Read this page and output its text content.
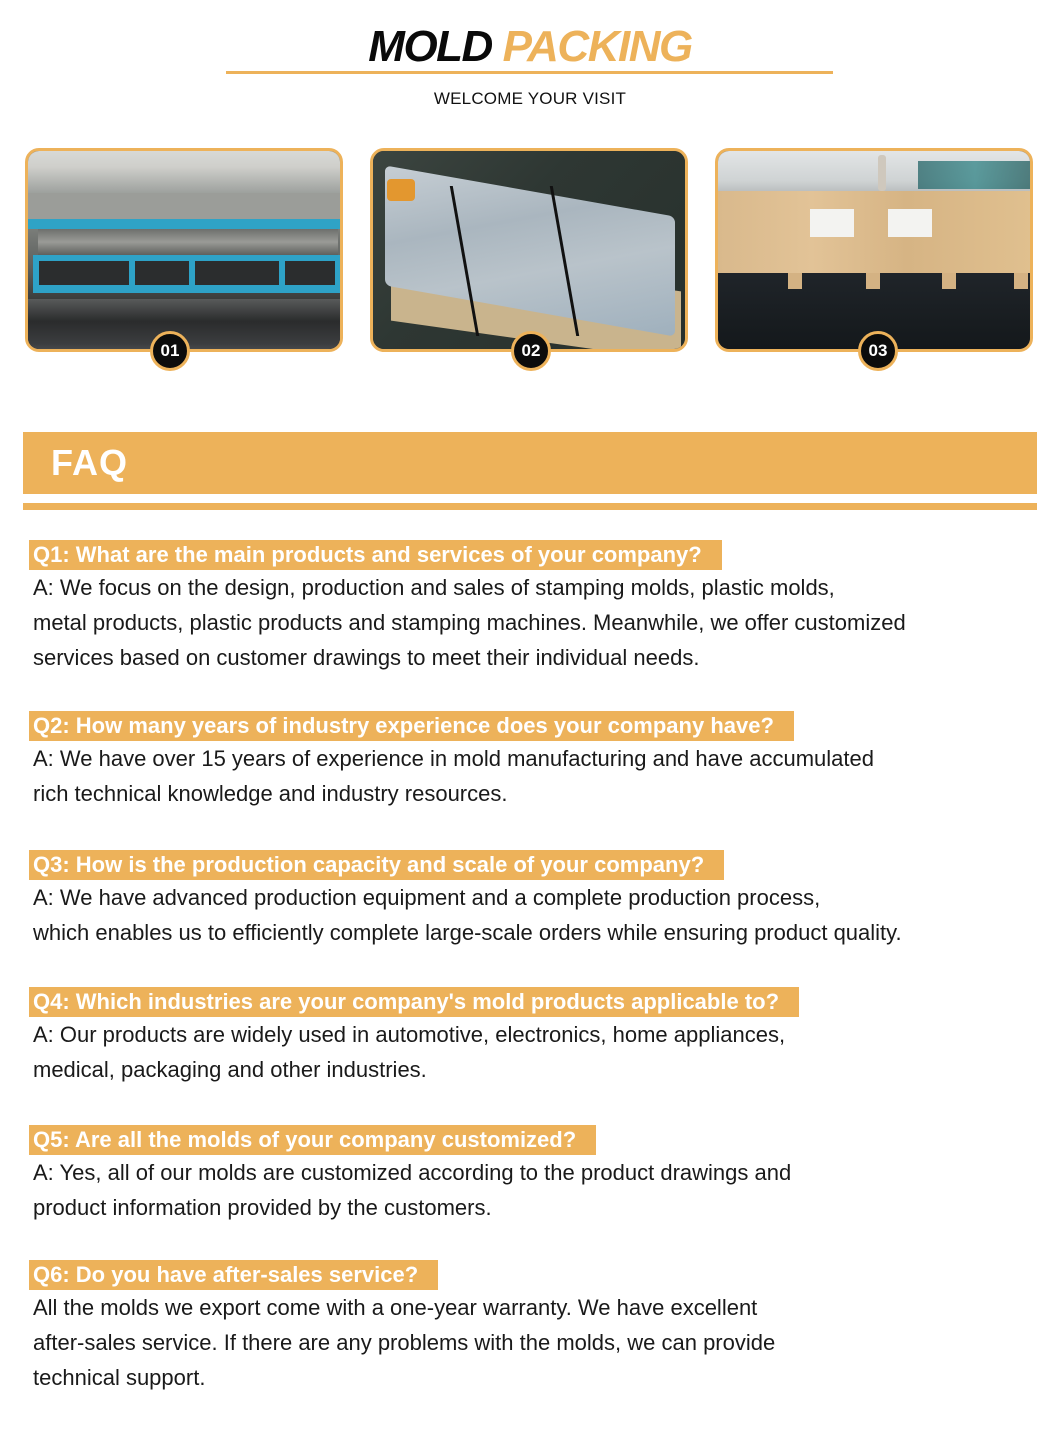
MOLD PACKING
WELCOME YOUR VISIT
01	02	03
FAQ
Q1: What are the main products and services of your company?
A: We focus on the design, production and sales of stamping molds, plastic molds,
metal products, plastic products and stamping machines. Meanwhile, we offer customized
services based on customer drawings to meet their individual needs.
Q2: How many years of industry experience does your company have?
A: We have over 15 years of experience in mold manufacturing and have accumulated
rich technical knowledge and industry resources.
Q3: How is the production capacity and scale of your company?
A: We have advanced production equipment and a complete production process,
which enables us to efficiently complete large-scale orders while ensuring product quality.
Q4: Which industries are your company's mold products applicable to?
A: Our products are widely used in automotive, electronics, home appliances,
medical, packaging and other industries.
Q5: Are all the molds of your company customized?
A: Yes, all of our molds are customized according to the product drawings and
product information provided by the customers.
Q6: Do you have after-sales service?
All the molds we export come with a one-year warranty. We have excellent
after-sales service. If there are any problems with the molds, we can provide
technical support.
